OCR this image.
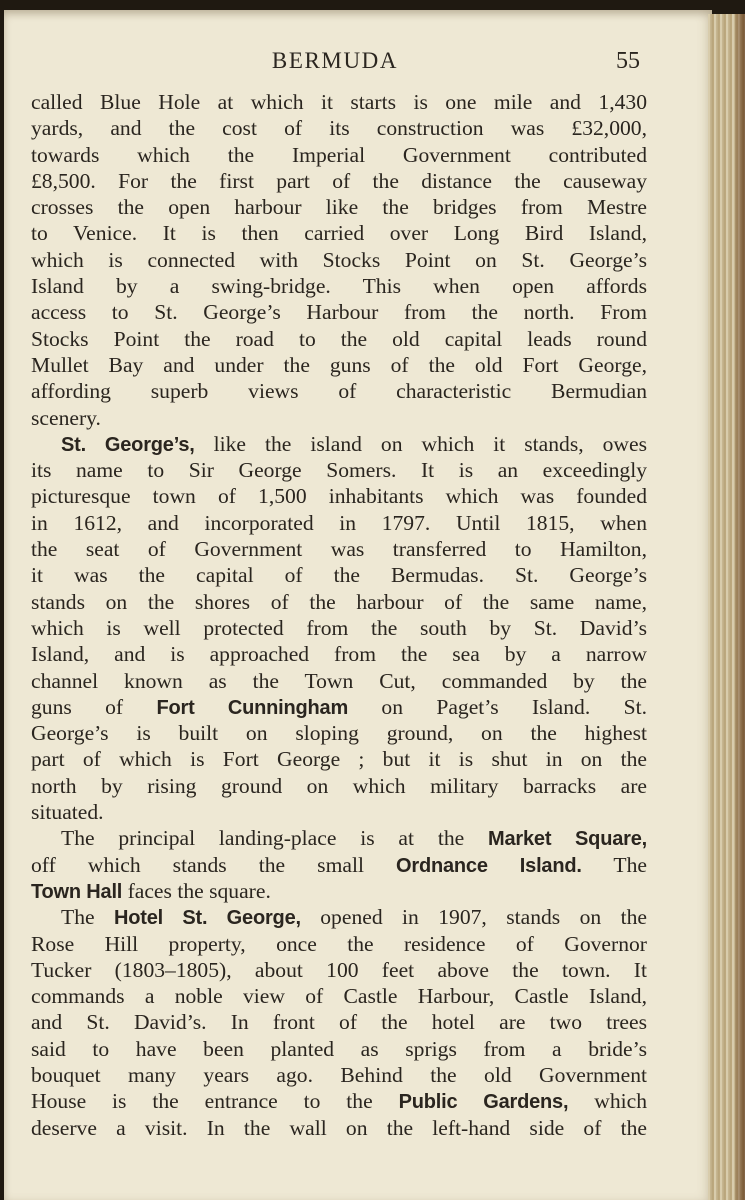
BERMUDA	55
called Blue Hole at which it starts is one mile and 1,430
yards, and the cost of its construction was £32,000,
towards which the Imperial Government contributed
£8,500. For the first part of the distance the causeway
crosses the open harbour like the bridges from Mestre
to Venice. It is then carried over Long Bird Island,
which is connected with Stocks Point on St. George’s
Island by a swing-bridge. This when open affords
access to St. George’s Harbour from the north. From
Stocks Point the road to the old capital leads round
Mullet Bay and under the guns of the old Fort George,
affording superb views of characteristic Bermudian
scenery.
St. George’s, like the island on which it stands, owes
its name to Sir George Somers. It is an exceedingly
picturesque town of 1,500 inhabitants which was founded
in 1612, and incorporated in 1797. Until 1815, when
the seat of Government was transferred to Hamilton,
it was the capital of the Bermudas. St. George’s
stands on the shores of the harbour of the same name,
which is well protected from the south by St. David’s
Island, and is approached from the sea by a narrow
channel known as the Town Cut, commanded by the
guns of Fort Cunningham on Paget’s Island. St.
George’s is built on sloping ground, on the highest
part of which is Fort George ; but it is shut in on the
north by rising ground on which military barracks are
situated.
The principal landing-place is at the Market Square,
off which stands the small Ordnance Island. The
Town Hall faces the square.
The Hotel St. George, opened in 1907, stands on the
Rose Hill property, once the residence of Governor
Tucker (1803–1805), about 100 feet above the town. It
commands a noble view of Castle Harbour, Castle Island,
and St. David’s. In front of the hotel are two trees
said to have been planted as sprigs from a bride’s
bouquet many years ago. Behind the old Government
House is the entrance to the Public Gardens, which
deserve a visit. In the wall on the left-hand side of the
